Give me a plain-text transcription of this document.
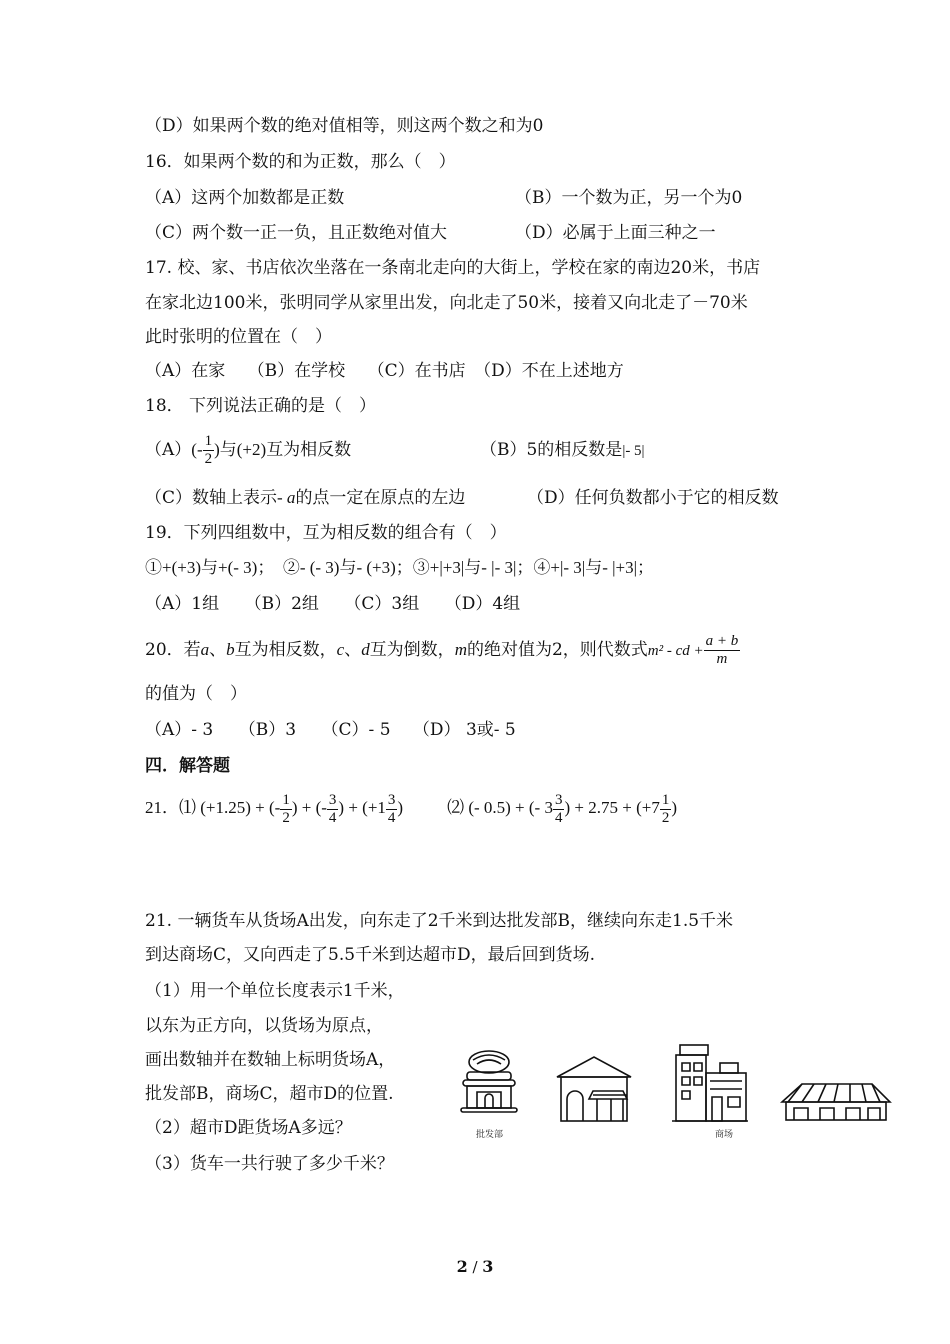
（D）如果两个数的绝对值相等，则这两个数之和为0
16．如果两个数的和为正数，那么（　）
（A）这两个加数都是正数	（B）一个数为正，另一个为0
（C）两个数一正一负，且正数绝对值大	（D）必属于上面三种之一
17. 校、家、书店依次坐落在一条南北走向的大街上，学校在家的南边20米，书店
在家北边100米，张明同学从家里出发，向北走了50米，接着又向北走了－70米
此时张明的位置在（　）
（A）在家　 （B）在学校　 （C）在书店　（D）不在上述地方
18． 下列说法正确的是（　）
$(A)(- \frac{1}{2}$ )与(+2)互为相反数	（B）5的相反数是|- 5|
（C）数轴上表示- a的点一定在原点的左边	（D）任何负数都小于它的相反数
19．下列四组数中，互为相反数的组合有（　）
①+(+3)与+(- 3)；　②- (- 3)与- (+3)；③+|+3|与- |- 3|；④+|- 3|与- |+3|；
（A）1组　　（B）2组　　（C）3组　　（D）4组
20．若a、b互为相反数，c、d互为倒数，m的绝对值为2，则代数式m² - cd + $\frac{a + b}{m}$
的值为（　）
（A）- 3　　（B）3　　（C）- 5　 （D） 3或- 5
四．解答题
21．⑴ (+1.25) + (- $\frac{1}{2}$ ) + (- $\frac{3}{4}$ ) + ($+1 \frac{3}{4}$ )	⑵ (- 0.5) + (- $3 \frac{3}{4}$ ) + $2.75 + (+7 \frac{1}{2}$ )
21. 一辆货车从货场A出发，向东走了2千米到达批发部B，继续向东走1.5千米
到达商场C，又向西走了5.5千米到达超市D，最后回到货场.
（1）用一个单位长度表示1千米，
以东为正方向，以货场为原点，
画出数轴并在数轴上标明货场A，
批发部B，商场C，超市D的位置.
（2）超市D距货场A多远？
（3）货车一共行驶了多少千米？
批发部	商场
2 / 3
